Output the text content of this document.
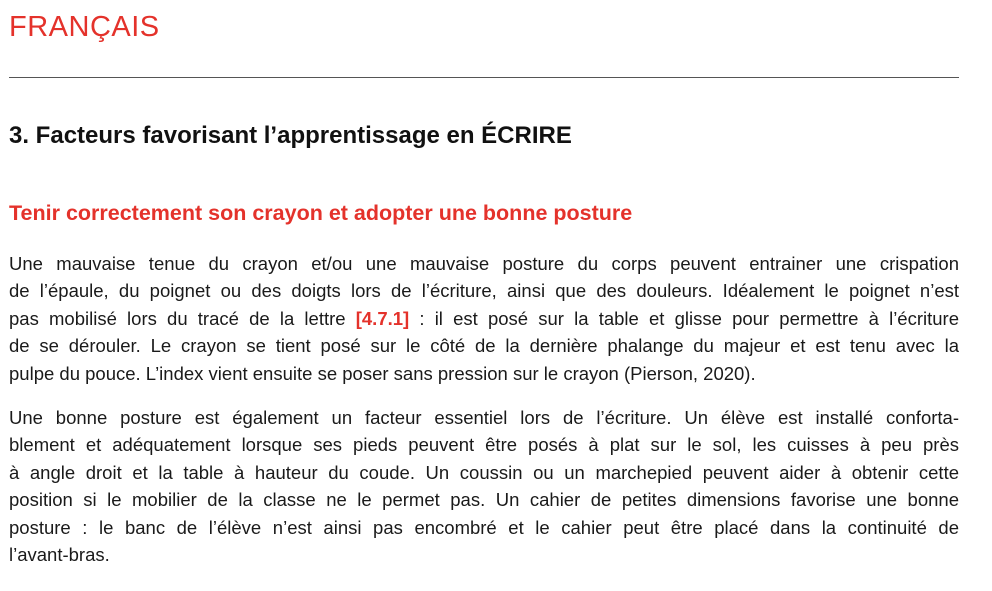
FRANÇAIS
3. Facteurs favorisant l’apprentissage en ÉCRIRE
Tenir correctement son crayon et adopter une bonne posture
Une mauvaise tenue du crayon et/ou une mauvaise posture du corps peuvent entrainer une crispation
de l’épaule, du poignet ou des doigts lors de l’écriture, ainsi que des douleurs. Idéalement le poignet n’est
pas mobilisé lors du tracé de la lettre [4.7.1] : il est posé sur la table et glisse pour permettre à l’écriture
de se dérouler. Le crayon se tient posé sur le côté de la dernière phalange du majeur et est tenu avec la
pulpe du pouce. L’index vient ensuite se poser sans pression sur le crayon (Pierson, 2020).
Une bonne posture est également un facteur essentiel lors de l’écriture. Un élève est installé conforta-
blement et adéquatement lorsque ses pieds peuvent être posés à plat sur le sol, les cuisses à peu près
à angle droit et la table à hauteur du coude. Un coussin ou un marchepied peuvent aider à obtenir cette
position si le mobilier de la classe ne le permet pas. Un cahier de petites dimensions favorise une bonne
posture : le banc de l’élève n’est ainsi pas encombré et le cahier peut être placé dans la continuité de
l’avant-bras.
